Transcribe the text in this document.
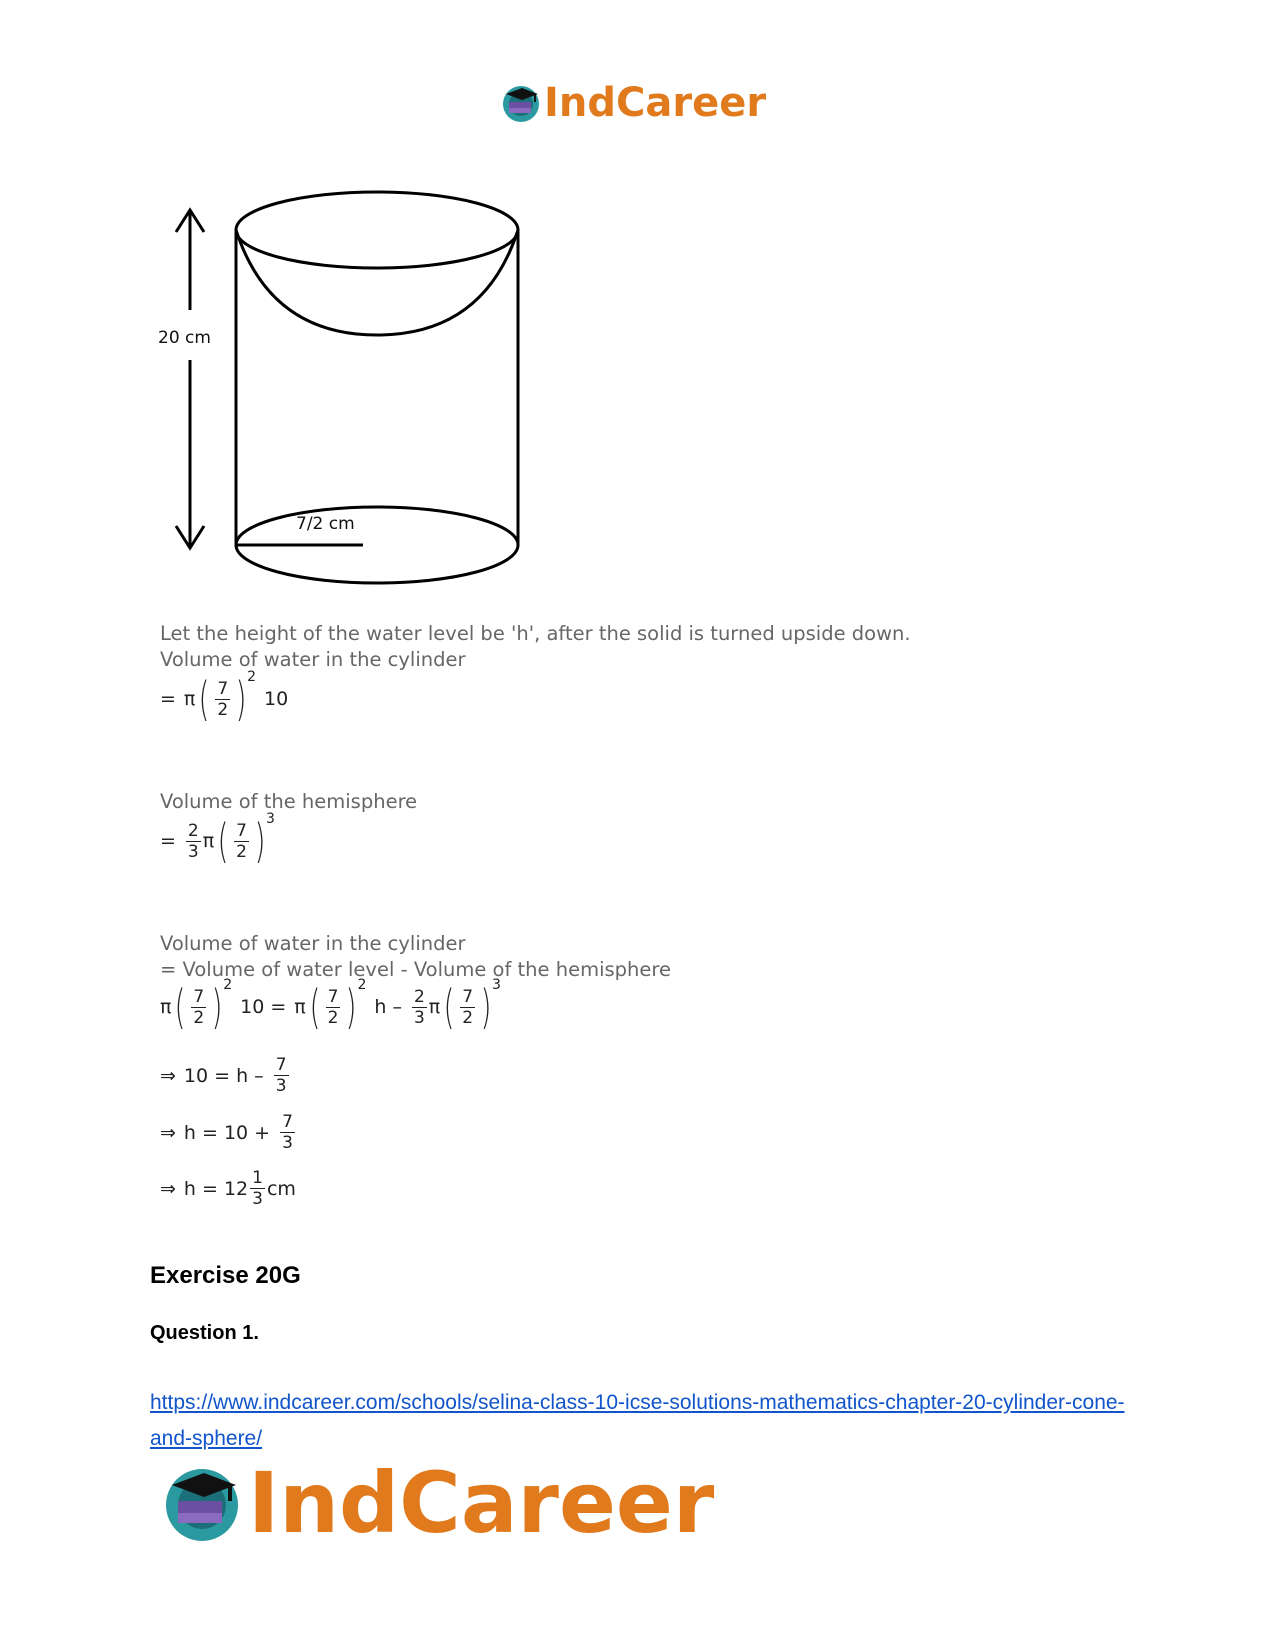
IndCareer
20 cm
7/2 cm
Let the height of the water level be 'h', after the solid is turned upside down.
Volume of water in the cylinder
= π ( $\frac{7}{2}$ ) 2
10
Volume of the hemisphere
= $\frac{2}{3}$ π ( $\frac{7}{2}$ ) 3
Volume of water in the cylinder
= Volume of water level - Volume of the hemisphere
π ( $\frac{7}{2}$ ) 2
10 = π ( $\frac{7}{2}$ ) 2
h – $\frac{2}{3}$ π ( $\frac{7}{2}$ ) 3
⇒ $10 = h - \frac{7}{3}$
⇒ $h = 10 + \frac{7}{3}$
⇒ $h = 12 \frac{1}{3}$ cm
Exercise 20G
Question 1.
https://www.indcareer.com/schools/selina-class-10-icse-solutions-mathematics-chapter-20-cylinder-cone-and-sphere/
IndCareer
